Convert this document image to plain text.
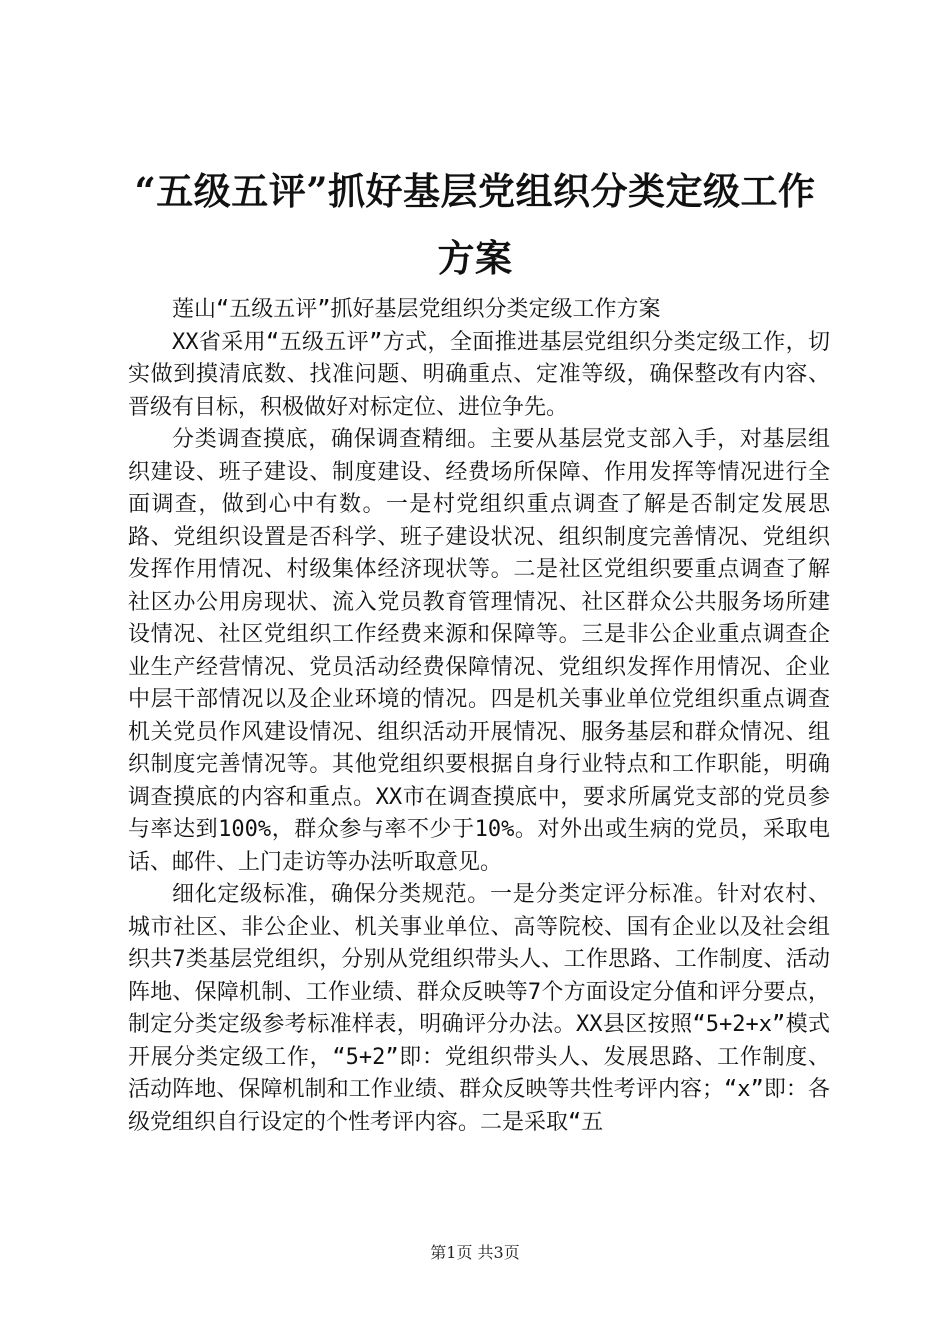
“五级五评”抓好基层党组织分类定级工作方案

莲山“五级五评”抓好基层党组织分类定级工作方案

XX省采用“五级五评”方式，全面推进基层党组织分类定级工作，切实做到摸清底数、找准问题、明确重点、定准等级，确保整改有内容、晋级有目标，积极做好对标定位、进位争先。

分类调查摸底，确保调查精细。主要从基层党支部入手，对基层组织建设、班子建设、制度建设、经费场所保障、作用发挥等情况进行全面调查，做到心中有数。一是村党组织重点调查了解是否制定发展思路、党组织设置是否科学、班子建设状况、组织制度完善情况、党组织发挥作用情况、村级集体经济现状等。二是社区党组织要重点调查了解社区办公用房现状、流入党员教育管理情况、社区群众公共服务场所建设情况、社区党组织工作经费来源和保障等。三是非公企业重点调查企业生产经营情况、党员活动经费保障情况、党组织发挥作用情况、企业中层干部情况以及企业环境的情况。四是机关事业单位党组织重点调查机关党员作风建设情况、组织活动开展情况、服务基层和群众情况、组织制度完善情况等。其他党组织要根据自身行业特点和工作职能，明确调查摸底的内容和重点。XX市在调查摸底中，要求所属党支部的党员参与率达到100%，群众参与率不少于10%。对外出或生病的党员，采取电话、邮件、上门走访等办法听取意见。

细化定级标准，确保分类规范。一是分类定评分标准。针对农村、城市社区、非公企业、机关事业单位、高等院校、国有企业以及社会组织共7类基层党组织，分别从党组织带头人、工作思路、工作制度、活动阵地、保障机制、工作业绩、群众反映等7个方面设定分值和评分要点，制定分类定级参考标准样表，明确评分办法。XX县区按照“5+2+x”模式开展分类定级工作，“5+2”即：党组织带头人、发展思路、工作制度、活动阵地、保障机制和工作业绩、群众反映等共性考评内容；“x”即：各级党组织自行设定的个性考评内容。二是采取“五

第1页 共3页
